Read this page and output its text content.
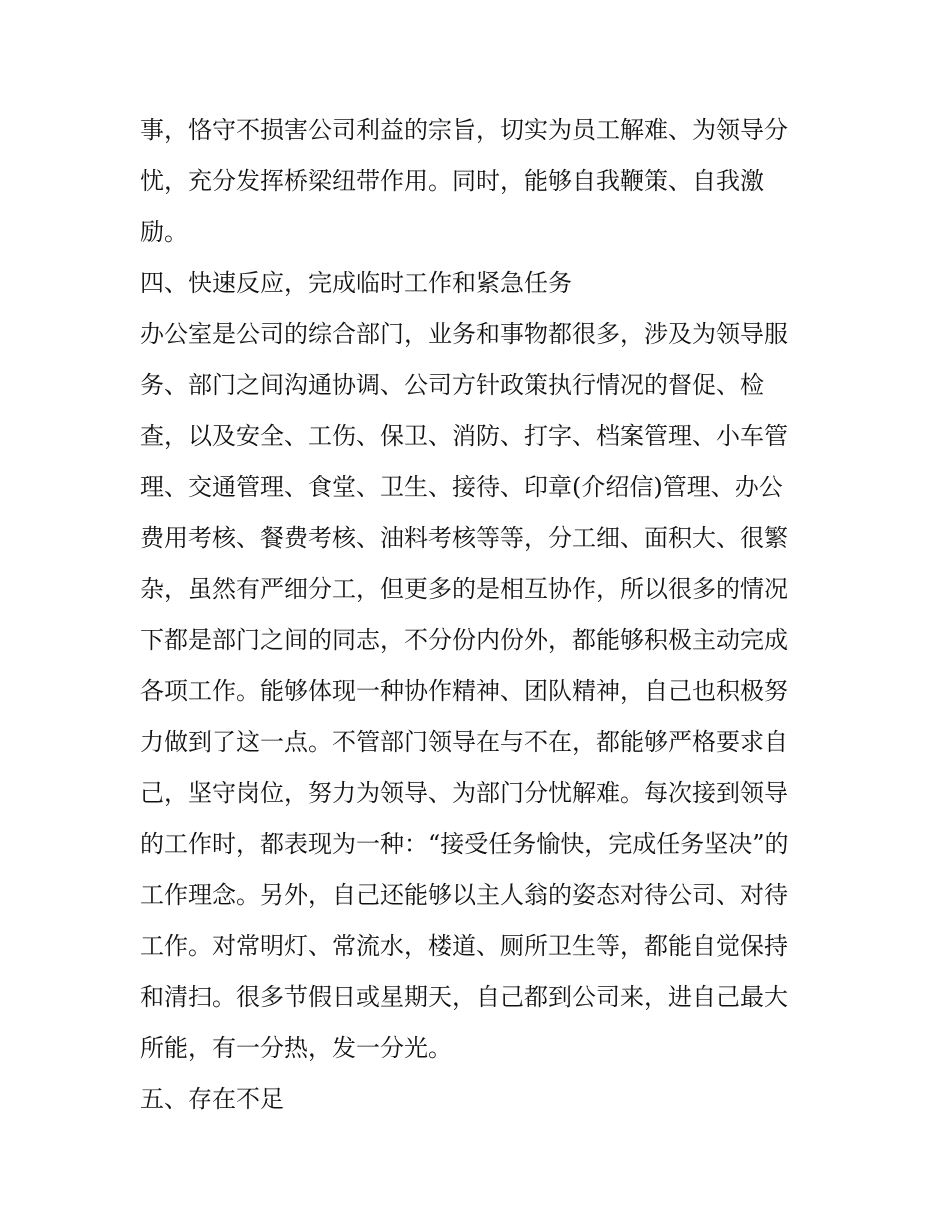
事，恪守不损害公司利益的宗旨，切实为员工解难、为领导分
忧，充分发挥桥梁纽带作用。同时，能够自我鞭策、自我激
励。
四、快速反应，完成临时工作和紧急任务
办公室是公司的综合部门，业务和事物都很多，涉及为领导服
务、部门之间沟通协调、公司方针政策执行情况的督促、检
查，以及安全、工伤、保卫、消防、打字、档案管理、小车管
理、交通管理、食堂、卫生、接待、印章(介绍信)管理、办公
费用考核、餐费考核、油料考核等等，分工细、面积大、很繁
杂，虽然有严细分工，但更多的是相互协作，所以很多的情况
下都是部门之间的同志，不分份内份外，都能够积极主动完成
各项工作。能够体现一种协作精神、团队精神，自己也积极努
力做到了这一点。不管部门领导在与不在，都能够严格要求自
己，坚守岗位，努力为领导、为部门分忧解难。每次接到领导
的工作时，都表现为一种：“接受任务愉快，完成任务坚决”的
工作理念。另外，自己还能够以主人翁的姿态对待公司、对待
工作。对常明灯、常流水，楼道、厕所卫生等，都能自觉保持
和清扫。很多节假日或星期天，自己都到公司来，进自己最大
所能，有一分热，发一分光。
五、存在不足
